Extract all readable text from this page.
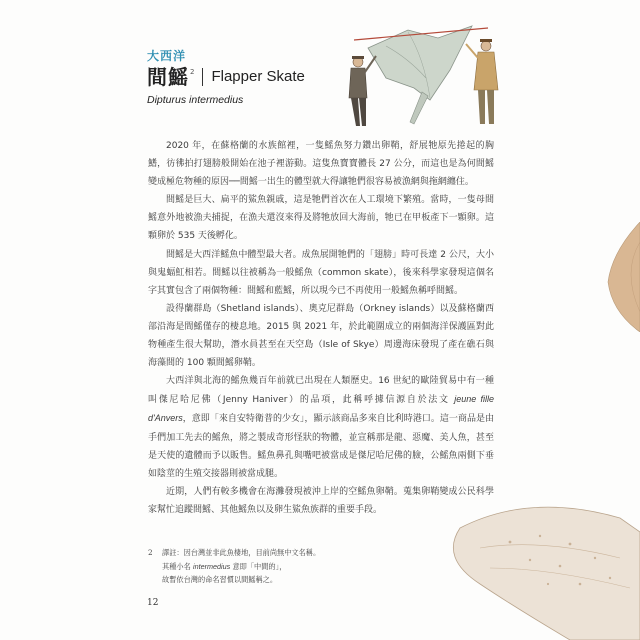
大西洋
間鰩 2 Flapper Skate
Dipturus intermedius

2020 年，在蘇格蘭的水族館裡，一隻鰩魚努力鑽出卵鞘，舒展牠原先捲起的胸鰭，彷彿拍打翅膀般開始在池子裡游動。這隻魚寶寶體長 27 公分，而這也是為何間鰩變成極危物種的原因──間鰩一出生的體型就大得讓牠們很容易被漁網與拖網纏住。

間鰩是巨大、扁平的鯊魚親戚，這是牠們首次在人工環境下繁殖。當時，一隻母間鰩意外地被漁夫捕捉，在漁夫還沒來得及將牠放回大海前，牠已在甲板產下一顆卵。這顆卵於 535 天後孵化。

間鰩是大西洋鰩魚中體型最大者。成魚展開牠們的「翅膀」時可長達 2 公尺，大小與鬼蝠魟相若。間鰩以往被稱為一般鰩魚（common skate），後來科學家發現這個名字其實包含了兩個物種：間鰩和藍鰩，所以現今已不再使用一般鰩魚稱呼間鰩。

設得蘭群島（Shetland islands）、奧克尼群島（Orkney islands）以及蘇格蘭西部沿海是間鰩僅存的棲息地。2015 與 2021 年，於此範圍成立的兩個海洋保護區對此物種產生很大幫助，潛水員甚至在天空島（Isle of Skye）周邊海床發現了產在礁石與海藻間的 100 顆間鰩卵鞘。

大西洋與北海的鰩魚幾百年前就已出現在人類歷史。16 世紀的歐陸貿易中有一種叫傑尼哈尼佛（Jenny Haniver）的品項，此稱呼據信源自於法文 jeune fille d'Anvers，意即「來自安特衛普的少女」，顯示該商品多來自比利時港口。這一商品是由手們加工先去的鰩魚，將之製成奇形怪狀的物體，並宣稱那是龍、惡魔、美人魚，甚至是天使的遺體而予以販售。鰩魚鼻孔與嘴吧被當成是傑尼哈尼佛的臉，公鰩魚兩側下垂如陰莖的生殖交接器則被當成腿。

近期，人們有較多機會在海灘發現被沖上岸的空鰩魚卵鞘。蒐集卵鞘變成公民科學家幫忙追蹤間鰩、其他鰩魚以及卵生鯊魚族群的重要手段。

2 譯註：因台灣並非此魚棲地，目前尚無中文名稱。
其種小名 intermedius 意即「中間的」，
故暫依台灣的命名習慣以間鰩稱之。
12
